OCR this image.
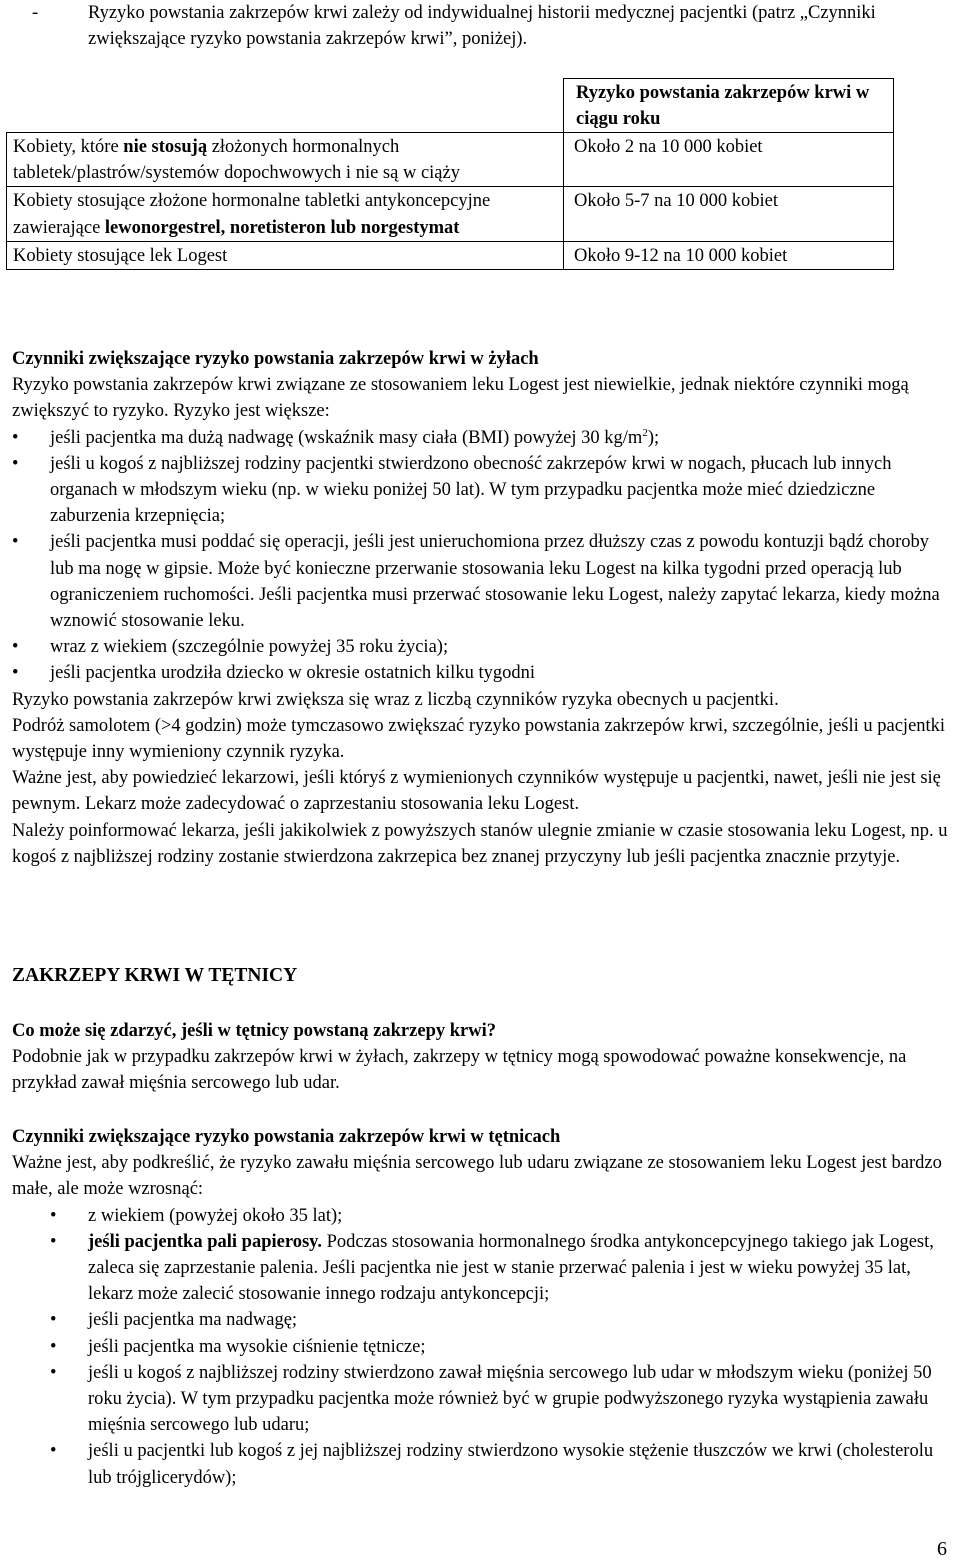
-	Ryzyko powstania zakrzepów krwi zależy od indywidualnej historii medycznej pacjentki (patrz „Czynniki zwiększające ryzyko powstania zakrzepów krwi”, poniżej).
	Ryzyko powstania zakrzepów krwi w ciągu roku
Kobiety, które nie stosują złożonych hormonalnych tabletek/plastrów/systemów dopochwowych i nie są w ciąży	Około 2 na 10 000 kobiet
Kobiety stosujące złożone hormonalne tabletki antykoncepcyjne zawierające lewonorgestrel, noretisteron lub norgestymat	Około 5-7 na 10 000 kobiet
Kobiety stosujące lek Logest	Około 9-12 na 10 000 kobiet
Czynniki zwiększające ryzyko powstania zakrzepów krwi w żyłach
Ryzyko powstania zakrzepów krwi związane ze stosowaniem leku Logest jest niewielkie, jednak niektóre czynniki mogą zwiększyć to ryzyko. Ryzyko jest większe:
• jeśli pacjentka ma dużą nadwagę (wskaźnik masy ciała (BMI) powyżej 30 $kg/m^2$);
• jeśli u kogoś z najbliższej rodziny pacjentki stwierdzono obecność zakrzepów krwi w nogach, płucach lub innych organach w młodszym wieku (np. w wieku poniżej 50 lat). W tym przypadku pacjentka może mieć dziedziczne zaburzenia krzepnięcia;
• jeśli pacjentka musi poddać się operacji, jeśli jest unieruchomiona przez dłuższy czas z powodu kontuzji bądź choroby lub ma nogę w gipsie. Może być konieczne przerwanie stosowania leku Logest na kilka tygodni przed operacją lub ograniczeniem ruchomości. Jeśli pacjentka musi przerwać stosowanie leku Logest, należy zapytać lekarza, kiedy można wznowić stosowanie leku.
• wraz z wiekiem (szczególnie powyżej 35 roku życia);
• jeśli pacjentka urodziła dziecko w okresie ostatnich kilku tygodni
Ryzyko powstania zakrzepów krwi zwiększa się wraz z liczbą czynników ryzyka obecnych u pacjentki.
Podróż samolotem (>4 godzin) może tymczasowo zwiększać ryzyko powstania zakrzepów krwi, szczególnie, jeśli u pacjentki występuje inny wymieniony czynnik ryzyka.
Ważne jest, aby powiedzieć lekarzowi, jeśli któryś z wymienionych czynników występuje u pacjentki, nawet, jeśli nie jest się pewnym. Lekarz może zadecydować o zaprzestaniu stosowania leku Logest.
Należy poinformować lekarza, jeśli jakikolwiek z powyższych stanów ulegnie zmianie w czasie stosowania leku Logest, np. u kogoś z najbliższej rodziny zostanie stwierdzona zakrzepica bez znanej przyczyny lub jeśli pacjentka znacznie przytyje.
ZAKRZEPY KRWI W TĘTNICY
Co może się zdarzyć, jeśli w tętnicy powstaną zakrzepy krwi?
Podobnie jak w przypadku zakrzepów krwi w żyłach, zakrzepy w tętnicy mogą spowodować poważne konsekwencje, na przykład zawał mięśnia sercowego lub udar.
Czynniki zwiększające ryzyko powstania zakrzepów krwi w tętnicach
Ważne jest, aby podkreślić, że ryzyko zawału mięśnia sercowego lub udaru związane ze stosowaniem leku Logest jest bardzo małe, ale może wzrosnąć:
• z wiekiem (powyżej około 35 lat);
• jeśli pacjentka pali papierosy. Podczas stosowania hormonalnego środka antykoncepcyjnego takiego jak Logest, zaleca się zaprzestanie palenia. Jeśli pacjentka nie jest w stanie przerwać palenia i jest w wieku powyżej 35 lat, lekarz może zalecić stosowanie innego rodzaju antykoncepcji;
• jeśli pacjentka ma nadwagę;
• jeśli pacjentka ma wysokie ciśnienie tętnicze;
• jeśli u kogoś z najbliższej rodziny stwierdzono zawał mięśnia sercowego lub udar w młodszym wieku (poniżej 50 roku życia). W tym przypadku pacjentka może również być w grupie podwyższonego ryzyka wystąpienia zawału mięśnia sercowego lub udaru;
• jeśli u pacjentki lub kogoś z jej najbliższej rodziny stwierdzono wysokie stężenie tłuszczów we krwi (cholesterolu lub trójglicerydów);
6
